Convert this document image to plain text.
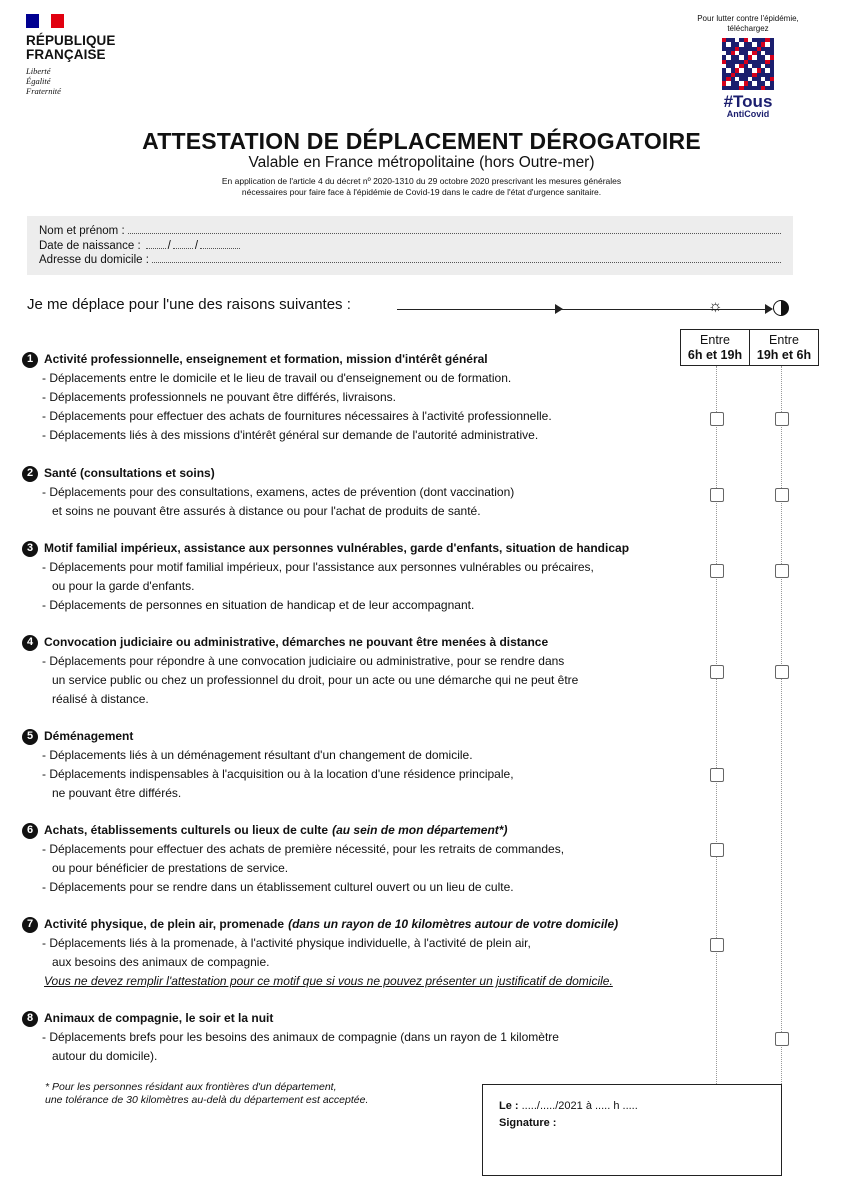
RÉPUBLIQUE
FRANÇAISE
Liberté
Égalité
Fraternité
Pour lutter contre l'épidémie,
téléchargez
#Tous
AntiCovid
ATTESTATION DE DÉPLACEMENT DÉROGATOIRE
Valable en France métropolitaine (hors Outre-mer)
En application de l'article 4 du décret nº 2020-1310 du 29 octobre 2020 prescrivant les mesures générales
nécessaires pour faire face à l'épidémie de Covid-19 dans le cadre de l'état d'urgence sanitaire.
Nom et prénom :
Date de naissance : / /
Adresse du domicile :
Je me déplace pour l'une des raisons suivantes :	☼
Entre
6h et 19h
Entre
19h et 6h
1 Activité professionnelle, enseignement et formation, mission d'intérêt général
- Déplacements entre le domicile et le lieu de travail ou d'enseignement ou de formation.
- Déplacements professionnels ne pouvant être différés, livraisons.
- Déplacements pour effectuer des achats de fournitures nécessaires à l'activité professionnelle.
- Déplacements liés à des missions d'intérêt général sur demande de l'autorité administrative.
2 Santé (consultations et soins)
- Déplacements pour des consultations, examens, actes de prévention (dont vaccination)
et soins ne pouvant être assurés à distance ou pour l'achat de produits de santé.
3 Motif familial impérieux, assistance aux personnes vulnérables, garde d'enfants, situation de handicap
- Déplacements pour motif familial impérieux, pour l'assistance aux personnes vulnérables ou précaires,
ou pour la garde d'enfants.
- Déplacements de personnes en situation de handicap et de leur accompagnant.
4 Convocation judiciaire ou administrative, démarches ne pouvant être menées à distance
- Déplacements pour répondre à une convocation judiciaire ou administrative, pour se rendre dans
un service public ou chez un professionnel du droit, pour un acte ou une démarche qui ne peut être
réalisé à distance.
5 Déménagement
- Déplacements liés à un déménagement résultant d'un changement de domicile.
- Déplacements indispensables à l'acquisition ou à la location d'une résidence principale,
ne pouvant être différés.
6 Achats, établissements culturels ou lieux de culte (au sein de mon département*)
- Déplacements pour effectuer des achats de première nécessité, pour les retraits de commandes,
ou pour bénéficier de prestations de service.
- Déplacements pour se rendre dans un établissement culturel ouvert ou un lieu de culte.
7 Activité physique, de plein air, promenade (dans un rayon de 10 kilomètres autour de votre domicile)
- Déplacements liés à la promenade, à l'activité physique individuelle, à l'activité de plein air,
aux besoins des animaux de compagnie.
Vous ne devez remplir l'attestation pour ce motif que si vous ne pouvez présenter un justificatif de domicile.
8 Animaux de compagnie, le soir et la nuit
- Déplacements brefs pour les besoins des animaux de compagnie (dans un rayon de 1 kilomètre
autour du domicile).
* Pour les personnes résidant aux frontières d'un département,
une tolérance de 30 kilomètres au-delà du département est acceptée.	Le : ...../...../2021 à ..... h .....
Signature :
